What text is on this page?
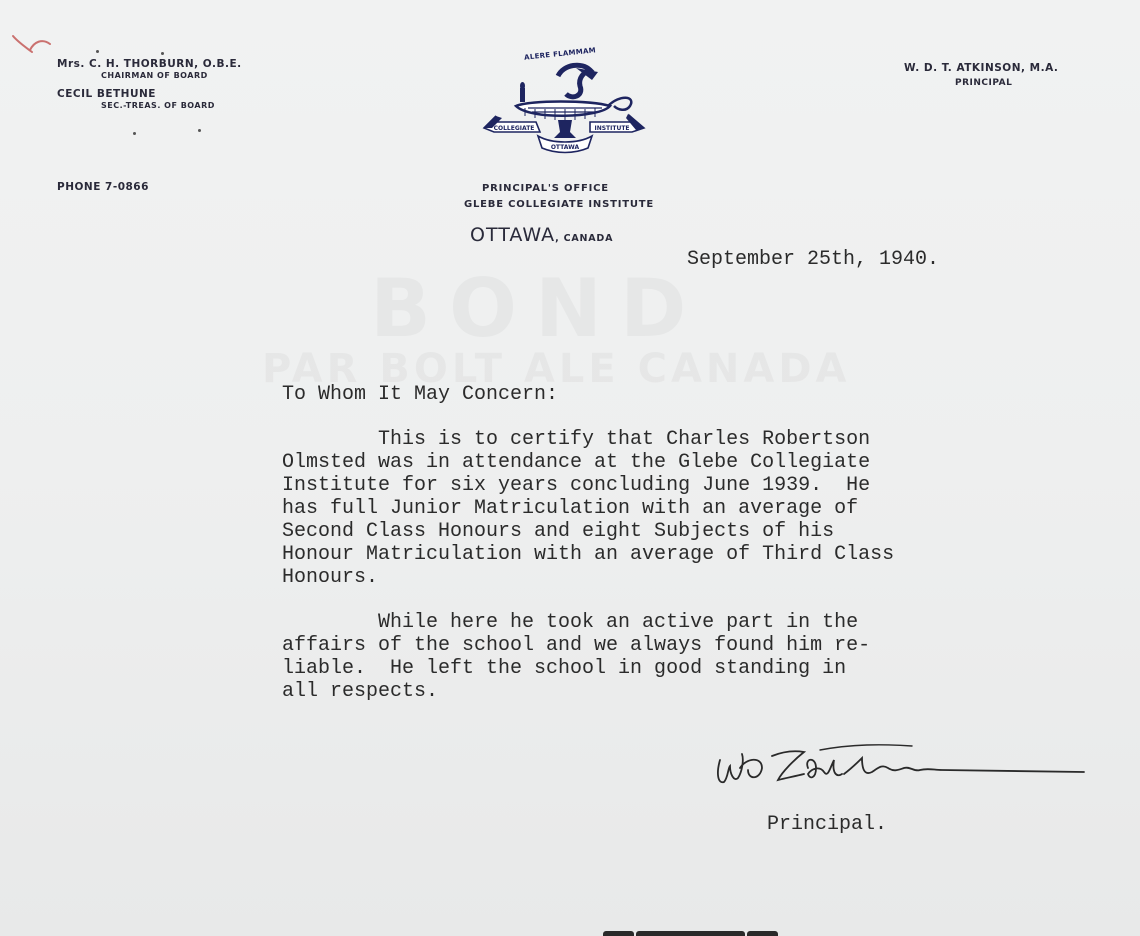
Mrs. C. H. THORBURN, O.B.E.
CHAIRMAN OF BOARD
CECIL BETHUNE
SEC.-TREAS. OF BOARD
PHONE 7-0866
ALERE FLAMMAM
COLLEGIATE	INSTITUTE
OTTAWA
PRINCIPAL'S OFFICE
GLEBE COLLEGIATE INSTITUTE
OTTAWA, CANADA
W. D. T. ATKINSON, M.A.
PRINCIPAL
September 25th, 1940.
To Whom It May Concern:
This is to certify that Charles Robertson
Olmsted was in attendance at the Glebe Collegiate
Institute for six years concluding June 1939.  He
has full Junior Matriculation with an average of
Second Class Honours and eight Subjects of his
Honour Matriculation with an average of Third Class
Honours.
While here he took an active part in the
affairs of the school and we always found him re-
liable.  He left the school in good standing in
all respects.
Principal.
